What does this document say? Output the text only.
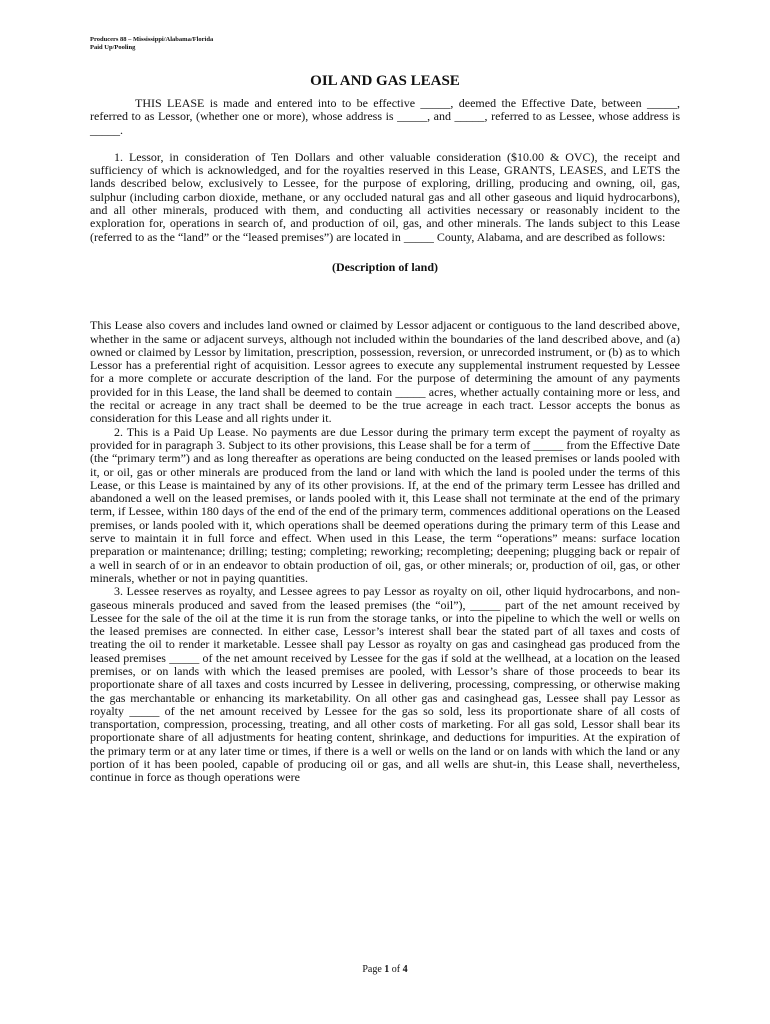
Producers 88 – Mississippi/Alabama/Florida
Paid Up/Pooling
OIL AND GAS LEASE

THIS LEASE is made and entered into to be effective _____, deemed the Effective Date, between _____, referred to as Lessor, (whether one or more), whose address is _____, and _____, referred to as Lessee, whose address is _____.

1. Lessor, in consideration of Ten Dollars and other valuable consideration ($10.00 & OVC), the receipt and sufficiency of which is acknowledged, and for the royalties reserved in this Lease, GRANTS, LEASES, and LETS the lands described below, exclusively to Lessee, for the purpose of exploring, drilling, producing and owning, oil, gas, sulphur (including carbon dioxide, methane, or any occluded natural gas and all other gaseous and liquid hydrocarbons), and all other minerals, produced with them, and conducting all activities necessary or reasonably incident to the exploration for, operations in search of, and production of oil, gas, and other minerals. The lands subject to this Lease (referred to as the “land” or the “leased premises”) are located in _____ County, Alabama, and are described as follows:

(Description of land)

This Lease also covers and includes land owned or claimed by Lessor adjacent or contiguous to the land described above, whether in the same or adjacent surveys, although not included within the boundaries of the land described above, and (a) owned or claimed by Lessor by limitation, prescription, possession, reversion, or unrecorded instrument, or (b) as to which Lessor has a preferential right of acquisition. Lessor agrees to execute any supplemental instrument requested by Lessee for a more complete or accurate description of the land. For the purpose of determining the amount of any payments provided for in this Lease, the land shall be deemed to contain _____ acres, whether actually containing more or less, and the recital or acreage in any tract shall be deemed to be the true acreage in each tract. Lessor accepts the bonus as consideration for this Lease and all rights under it.

2. This is a Paid Up Lease. No payments are due Lessor during the primary term except the payment of royalty as provided for in paragraph 3. Subject to its other provisions, this Lease shall be for a term of _____ from the Effective Date (the “primary term”) and as long thereafter as operations are being conducted on the leased premises or lands pooled with it, or oil, gas or other minerals are produced from the land or land with which the land is pooled under the terms of this Lease, or this Lease is maintained by any of its other provisions. If, at the end of the primary term Lessee has drilled and abandoned a well on the leased premises, or lands pooled with it, this Lease shall not terminate at the end of the primary term, if Lessee, within 180 days of the end of the end of the primary term, commences additional operations on the Leased premises, or lands pooled with it, which operations shall be deemed operations during the primary term of this Lease and serve to maintain it in full force and effect. When used in this Lease, the term “operations” means: surface location preparation or maintenance; drilling; testing; completing; reworking; recompleting; deepening; plugging back or repair of a well in search of or in an endeavor to obtain production of oil, gas, or other minerals; or, production of oil, gas, or other minerals, whether or not in paying quantities.

3. Lessee reserves as royalty, and Lessee agrees to pay Lessor as royalty on oil, other liquid hydrocarbons, and non-gaseous minerals produced and saved from the leased premises (the “oil”), _____ part of the net amount received by Lessee for the sale of the oil at the time it is run from the storage tanks, or into the pipeline to which the well or wells on the leased premises are connected. In either case, Lessor’s interest shall bear the stated part of all taxes and costs of treating the oil to render it marketable. Lessee shall pay Lessor as royalty on gas and casinghead gas produced from the leased premises _____ of the net amount received by Lessee for the gas if sold at the wellhead, at a location on the leased premises, or on lands with which the leased premises are pooled, with Lessor’s share of those proceeds to bear its proportionate share of all taxes and costs incurred by Lessee in delivering, processing, compressing, or otherwise making the gas merchantable or enhancing its marketability. On all other gas and casinghead gas, Lessee shall pay Lessor as royalty _____ of the net amount received by Lessee for the gas so sold, less its proportionate share of all costs of transportation, compression, processing, treating, and all other costs of marketing. For all gas sold, Lessor shall bear its proportionate share of all adjustments for heating content, shrinkage, and deductions for impurities. At the expiration of the primary term or at any later time or times, if there is a well or wells on the land or on lands with which the land or any portion of it has been pooled, capable of producing oil or gas, and all wells are shut-in, this Lease shall, nevertheless, continue in force as though operations were

Page 1 of 4
